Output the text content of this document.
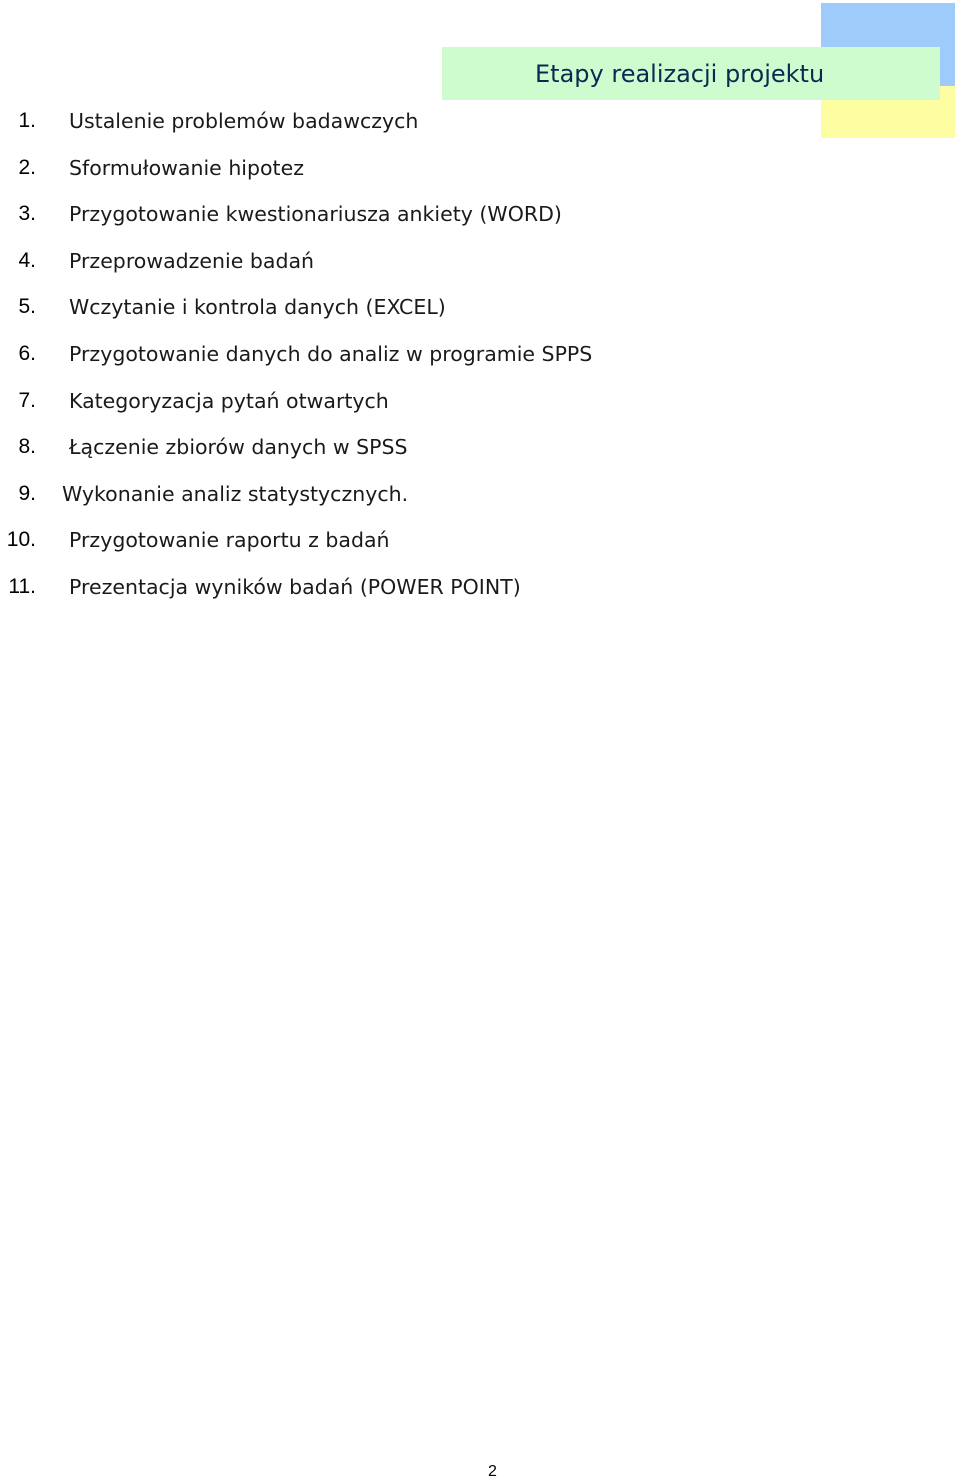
Etapy realizacji projektu
1. Ustalenie problemów badawczych
2. Sformułowanie hipotez
3. Przygotowanie kwestionariusza ankiety (WORD)
4. Przeprowadzenie badań
5. Wczytanie i kontrola danych (EXCEL)
6. Przygotowanie danych do analiz w programie SPPS
7. Kategoryzacja pytań otwartych
8. Łączenie zbiorów danych w SPSS
9. Wykonanie analiz statystycznych.
10. Przygotowanie raportu z badań
11. Prezentacja wyników badań (POWER POINT)
2
